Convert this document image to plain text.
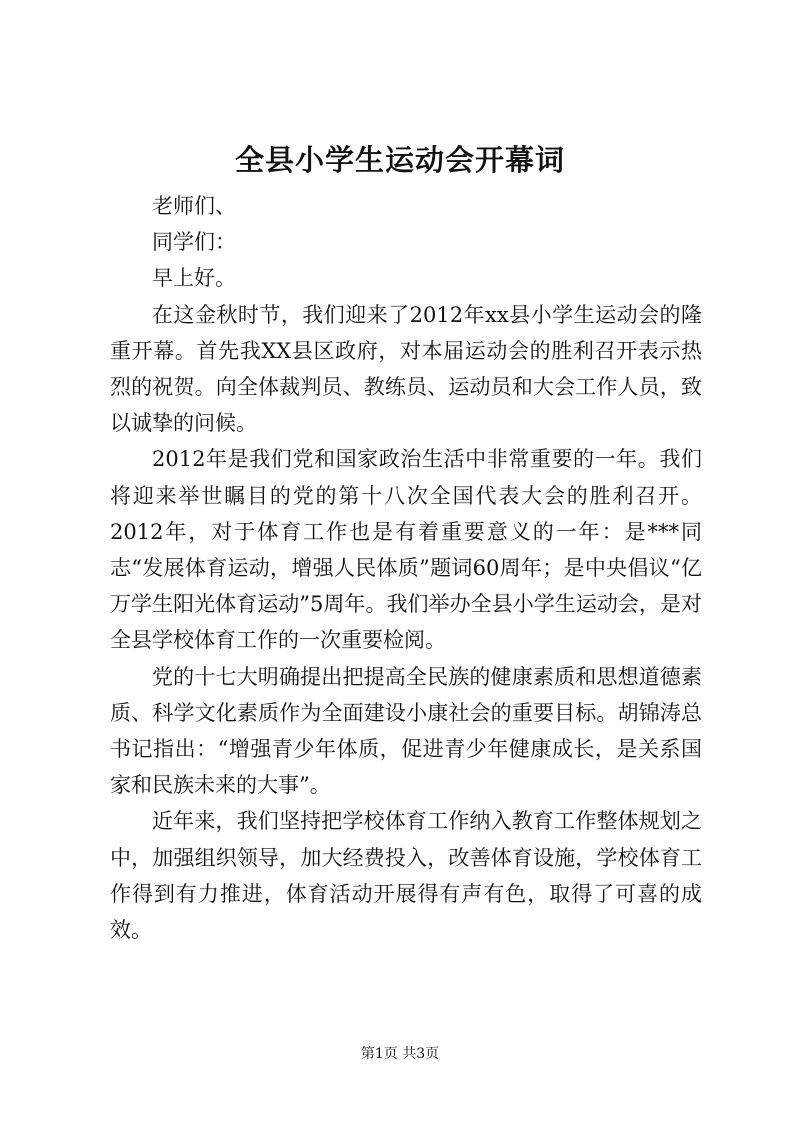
全县小学生运动会开幕词

老师们、

同学们：

早上好。

在这金秋时节，我们迎来了2012年xx县小学生运动会的隆重开幕。首先我XX县区政府，对本届运动会的胜利召开表示热烈的祝贺。向全体裁判员、教练员、运动员和大会工作人员，致以诚挚的问候。

2012年是我们党和国家政治生活中非常重要的一年。我们将迎来举世瞩目的党的第十八次全国代表大会的胜利召开。2012年，对于体育工作也是有着重要意义的一年：是***同志“发展体育运动，增强人民体质”题词60周年；是中央倡议“亿万学生阳光体育运动”5周年。我们举办全县小学生运动会，是对全县学校体育工作的一次重要检阅。

党的十七大明确提出把提高全民族的健康素质和思想道德素质、科学文化素质作为全面建设小康社会的重要目标。胡锦涛总书记指出：“增强青少年体质，促进青少年健康成长，是关系国家和民族未来的大事”。

近年来，我们坚持把学校体育工作纳入教育工作整体规划之中，加强组织领导，加大经费投入，改善体育设施，学校体育工作得到有力推进，体育活动开展得有声有色，取得了可喜的成效。

第1页 共3页
